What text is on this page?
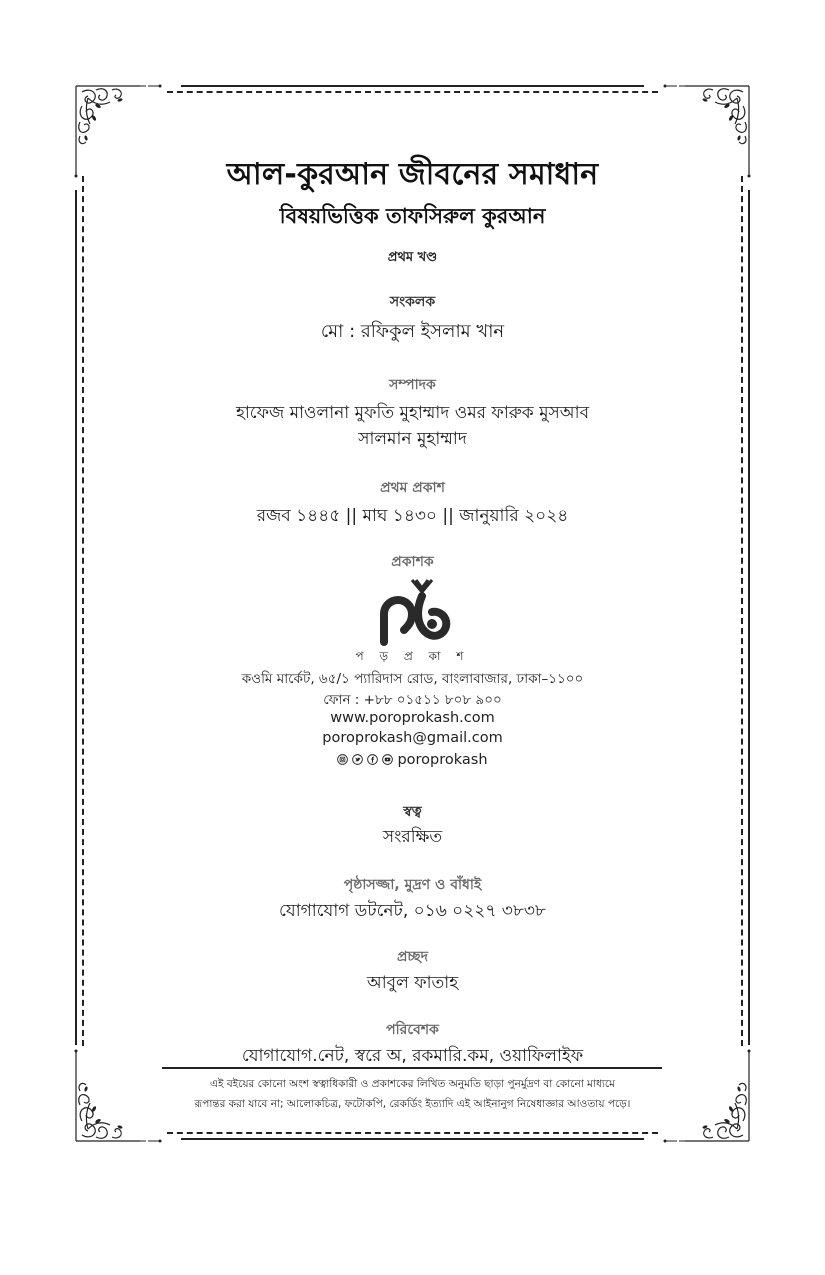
আল-কুরআন জীবনের সমাধান
বিষয়ভিত্তিক তাফসিরুল কুরআন
প্রথম খণ্ড
সংকলক
মো : রফিকুল ইসলাম খান
সম্পাদক
হাফেজ মাওলানা মুফতি মুহাম্মাদ ওমর ফারুক মুসআব
সালমান মুহাম্মাদ
প্রথম প্রকাশ
রজব ১৪৪৫ || মাঘ ১৪৩০ || জানুয়ারি ২০২৪
প্রকাশক
প ড় প্র কা শ
কওমি মার্কেট, ৬৫/১ প্যারিদাস রোড, বাংলাবাজার, ঢাকা–১১০০
ফোন : +৮৮ ০১৫১১ ৮০৮ ৯০০
www.poroprokash.com
poroprokash@gmail.com
poroprokash
স্বত্ব
সংরক্ষিত
পৃষ্ঠাসজ্জা, মুদ্রণ ও বাঁধাই
যোগাযোগ ডটনেট, ০১৬ ০২২৭ ৩৮৩৮
প্রচ্ছদ
আবুল ফাতাহ
পরিবেশক
যোগাযোগ.নেট, স্বরে অ, রকমারি.কম, ওয়াফিলাইফ
এই বইয়ের কোনো অংশ স্বত্বাধিকারী ও প্রকাশকের লিখিত অনুমতি ছাড়া পুনর্মুদ্রণ বা কোনো মাধ্যমে
রূপান্তর করা যাবে না; আলোকচিত্র, ফটোকপি, রেকর্ডিং ইত্যাদি এই আইনানুগ নিষেধাজ্ঞার আওতায় পড়ে।
